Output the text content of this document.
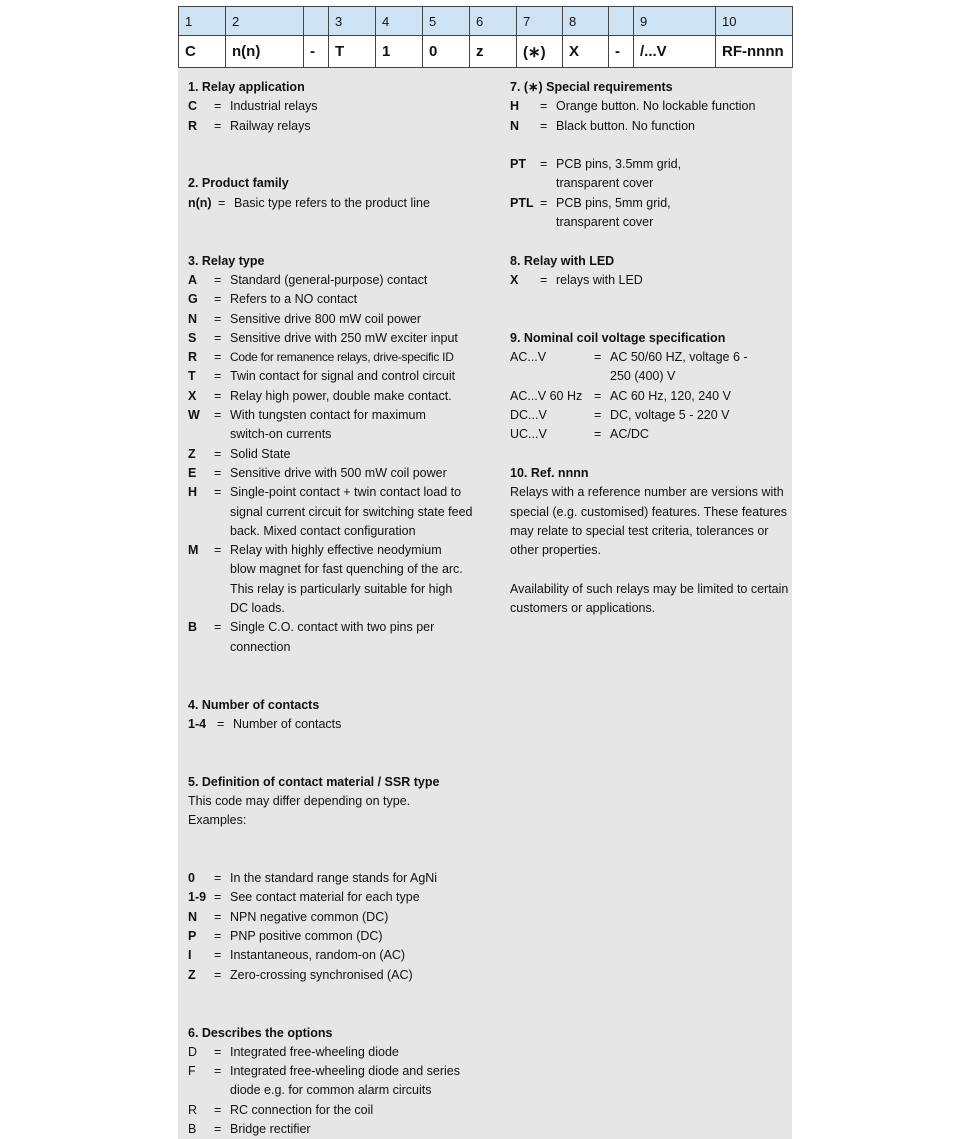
1	2		3	4	5	6	7	8		9	10
C	n(n)	-	T	1	0	z	(∗)	X	-	/...V	RF-nnnn
1. Relay application
C	= Industrial relays
R	= Railway relays
2. Product family
n(n) = Basic type refers to the product line
3. Relay type
A	= Standard (general-purpose) contact
G	= Refers to a NO contact
N	= Sensitive drive 800 mW coil power
S	= Sensitive drive with 250 mW exciter input
R	= Code for remanence relays, drive-specific ID
T	= Twin contact for signal and control circuit
X	= Relay high power, double make contact.
W	= With tungsten contact for maximum switch-on currents
Z	= Solid State
E	= Sensitive drive with 500 mW coil power
H	= Single-point contact + twin contact load to signal current circuit for switching state feed back. Mixed contact configuration
M	= Relay with highly effective neodymium blow magnet for fast quenching of the arc. This relay is particularly suitable for high DC loads.
B	= Single C.O. contact with two pins per connection
4. Number of contacts
1-4 = Number of contacts
5. Definition of contact material / SSR type
This code may differ depending on type.
Examples:
0	= In the standard range stands for AgNi
1-9 = See contact material for each type
N	= NPN negative common (DC)
P	= PNP positive common (DC)
I	= Instantaneous, random-on (AC)
Z	= Zero-crossing synchronised (AC)
6. Describes the options
D	= Integrated free-wheeling diode
F	= Integrated free-wheeling diode and series diode e.g. for common alarm circuits
R	= RC connection for the coil
B	= Bridge rectifier
7. (∗) Special requirements
H	= Orange button. No lockable function
N	= Black button. No function
PT	= PCB pins, 3.5mm grid, transparent cover
PTL = PCB pins, 5mm grid, transparent cover
8. Relay with LED
X	= relays with LED
9. Nominal coil voltage specification
AC...V	= AC 50/60 HZ, voltage 6 - 250 (400) V
AC...V 60 Hz = AC 60 Hz, 120, 240 V
DC...V	= DC, voltage 5 - 220 V
UC...V	= AC/DC
10. Ref. nnnn
Relays with a reference number are versions with special (e.g. customised) features. These features may relate to special test criteria, tolerances or other properties.
Availability of such relays may be limited to certain customers or applications.
